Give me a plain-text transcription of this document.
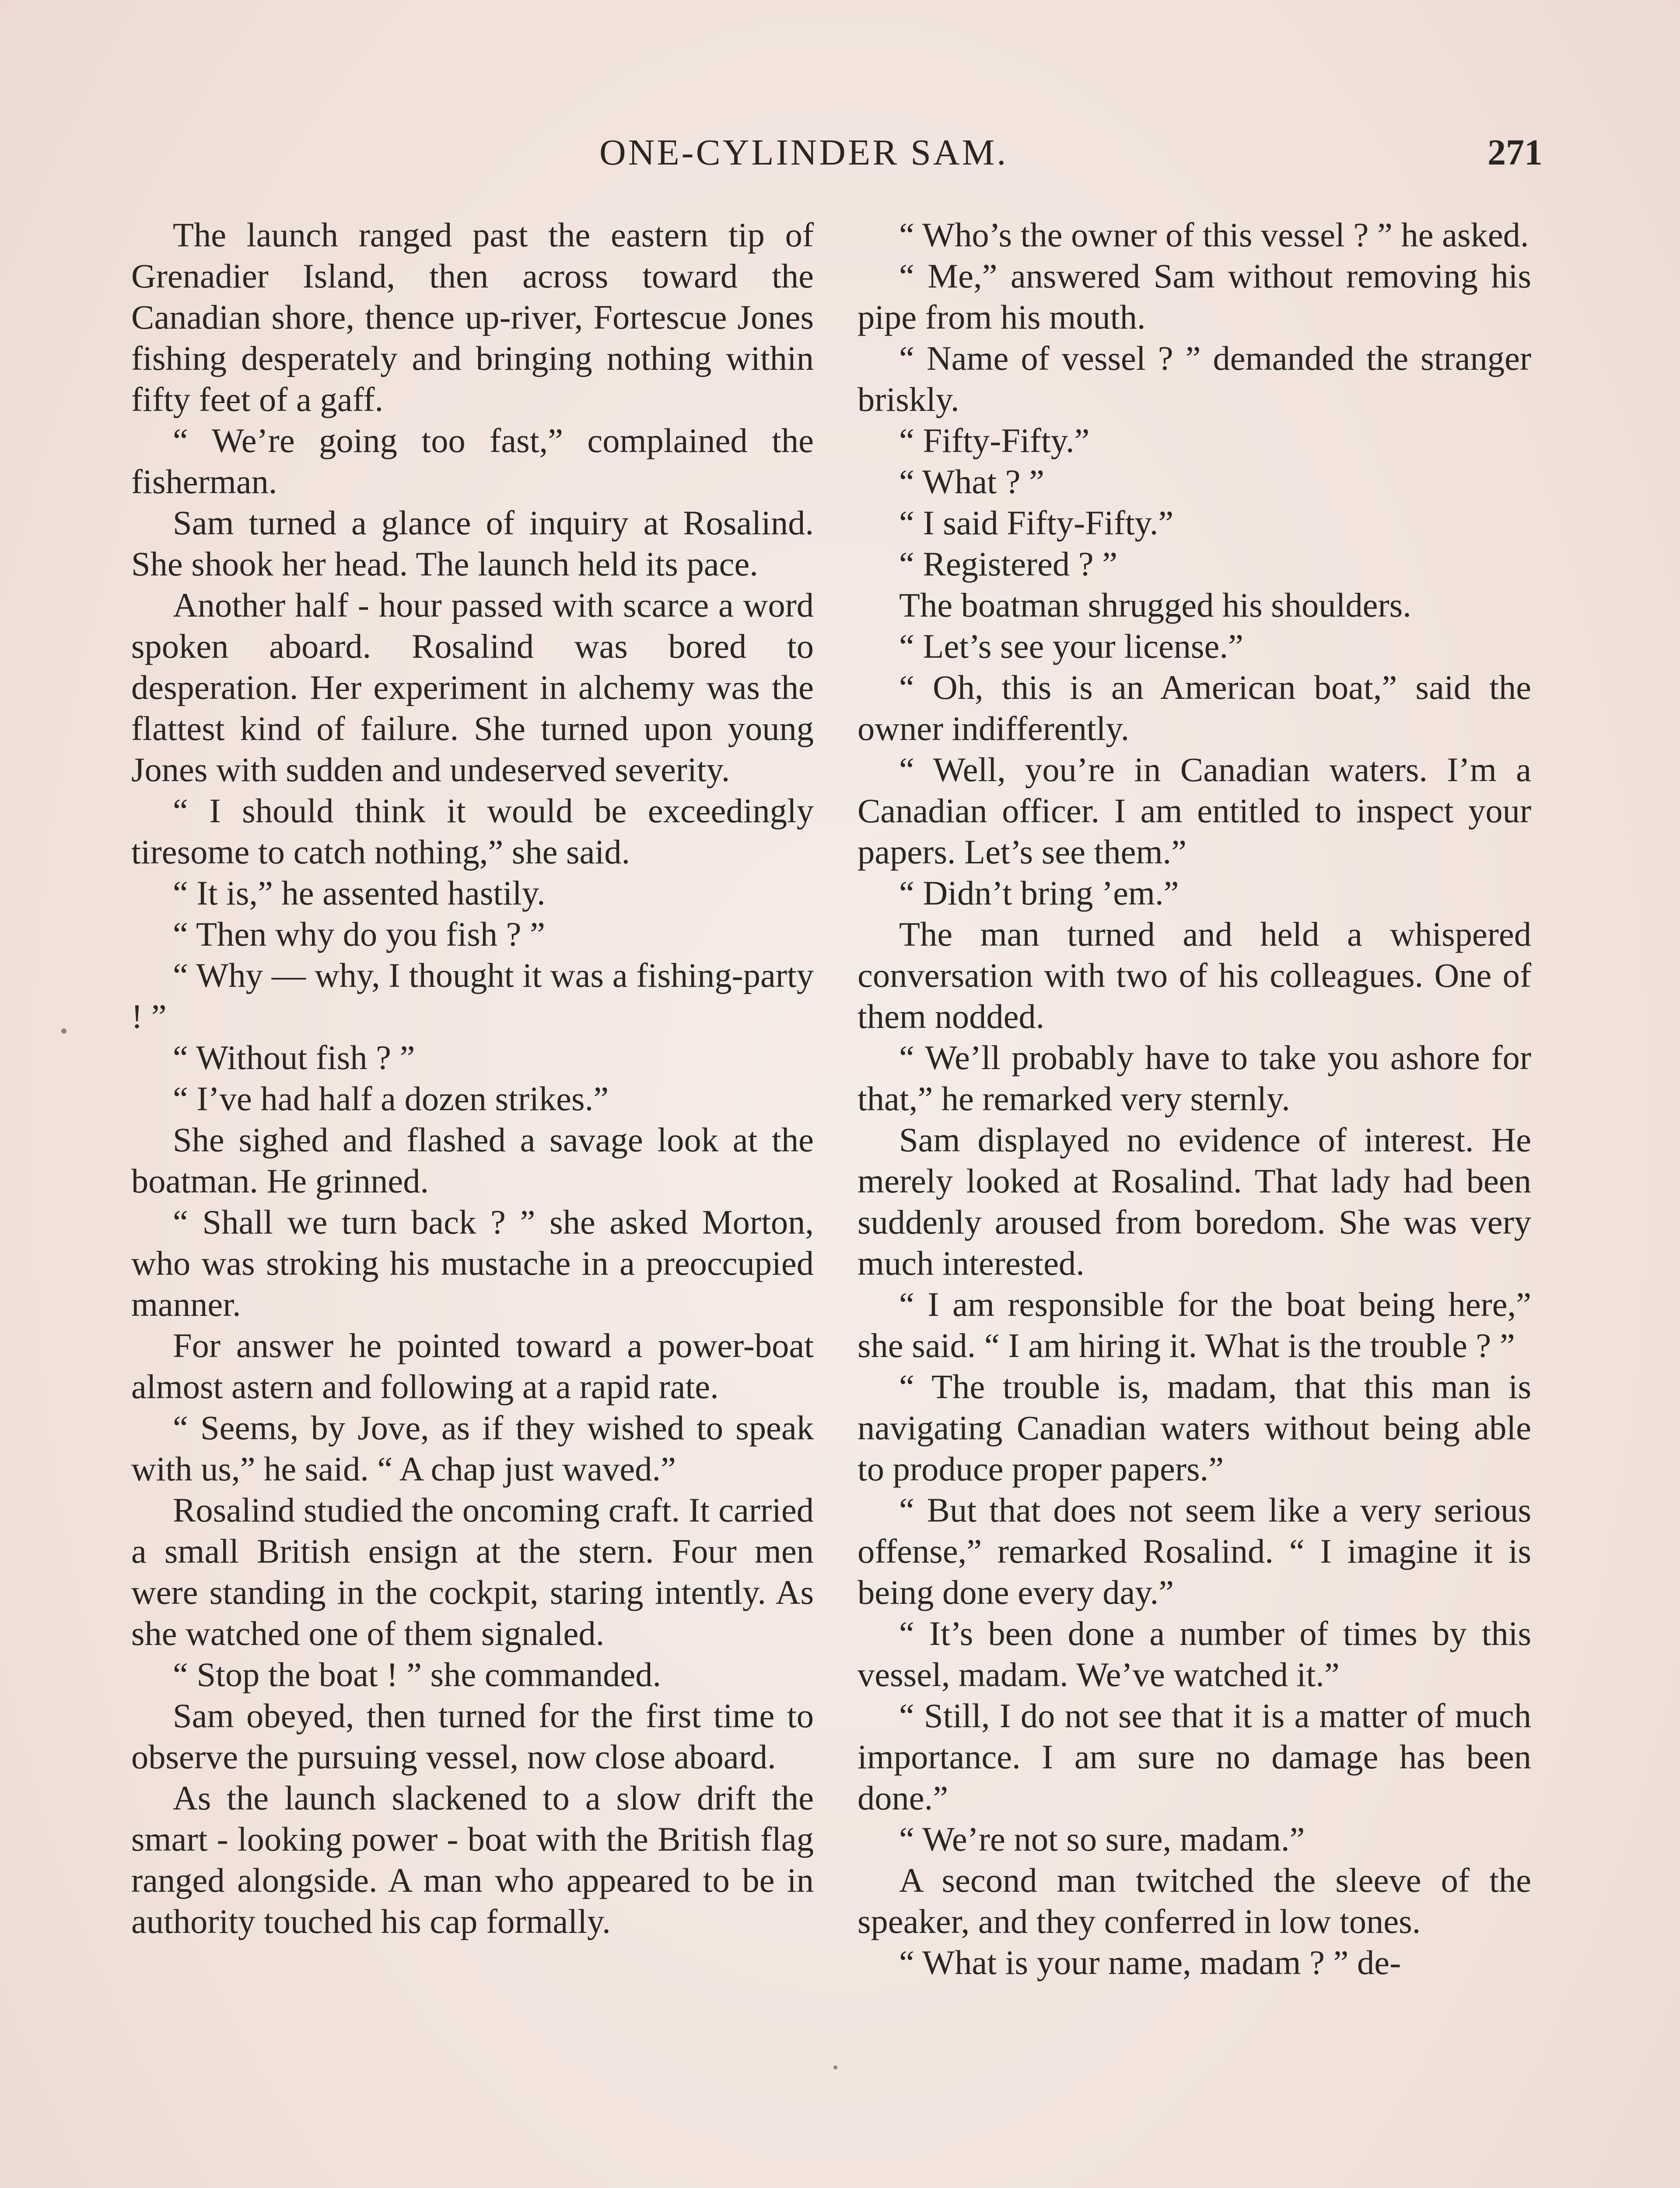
ONE-CYLINDER SAM.	271

The launch ranged past the eastern tip of Grenadier Island, then across toward the Canadian shore, thence up-river, Fortescue Jones fishing desperately and bringing nothing within fifty feet of a gaff.

“ We’re going too fast,” complained the fisherman.

Sam turned a glance of inquiry at Rosalind. She shook her head. The launch held its pace.

Another half - hour passed with scarce a word spoken aboard. Rosalind was bored to desperation. Her experiment in alchemy was the flattest kind of failure. She turned upon young Jones with sudden and undeserved severity.

“ I should think it would be exceedingly tiresome to catch nothing,” she said.

“ It is,” he assented hastily.

“ Then why do you fish ? ”

“ Why — why, I thought it was a fishing-party ! ”

“ Without fish ? ”

“ I’ve had half a dozen strikes.”

She sighed and flashed a savage look at the boatman. He grinned.

“ Shall we turn back ? ” she asked Morton, who was stroking his mustache in a preoccupied manner.

For answer he pointed toward a power-boat almost astern and following at a rapid rate.

“ Seems, by Jove, as if they wished to speak with us,” he said. “ A chap just waved.”

Rosalind studied the oncoming craft. It carried a small British ensign at the stern. Four men were standing in the cockpit, staring intently. As she watched one of them signaled.

“ Stop the boat ! ” she commanded.

Sam obeyed, then turned for the first time to observe the pursuing vessel, now close aboard.

As the launch slackened to a slow drift the smart - looking power - boat with the British flag ranged alongside. A man who appeared to be in authority touched his cap formally.

“ Who’s the owner of this vessel ? ” he asked.

“ Me,” answered Sam without removing his pipe from his mouth.

“ Name of vessel ? ” demanded the stranger briskly.

“ Fifty-Fifty.”

“ What ? ”

“ I said Fifty-Fifty.”

“ Registered ? ”

The boatman shrugged his shoulders.

“ Let’s see your license.”

“ Oh, this is an American boat,” said the owner indifferently.

“ Well, you’re in Canadian waters. I’m a Canadian officer. I am entitled to inspect your papers. Let’s see them.”

“ Didn’t bring ’em.”

The man turned and held a whispered conversation with two of his colleagues. One of them nodded.

“ We’ll probably have to take you ashore for that,” he remarked very sternly.

Sam displayed no evidence of interest. He merely looked at Rosalind. That lady had been suddenly aroused from boredom. She was very much interested.

“ I am responsible for the boat being here,” she said. “ I am hiring it. What is the trouble ? ”

“ The trouble is, madam, that this man is navigating Canadian waters without being able to produce proper papers.”

“ But that does not seem like a very serious offense,” remarked Rosalind. “ I imagine it is being done every day.”

“ It’s been done a number of times by this vessel, madam. We’ve watched it.”

“ Still, I do not see that it is a matter of much importance. I am sure no damage has been done.”

“ We’re not so sure, madam.”

A second man twitched the sleeve of the speaker, and they conferred in low tones.

“ What is your name, madam ? ” de-
